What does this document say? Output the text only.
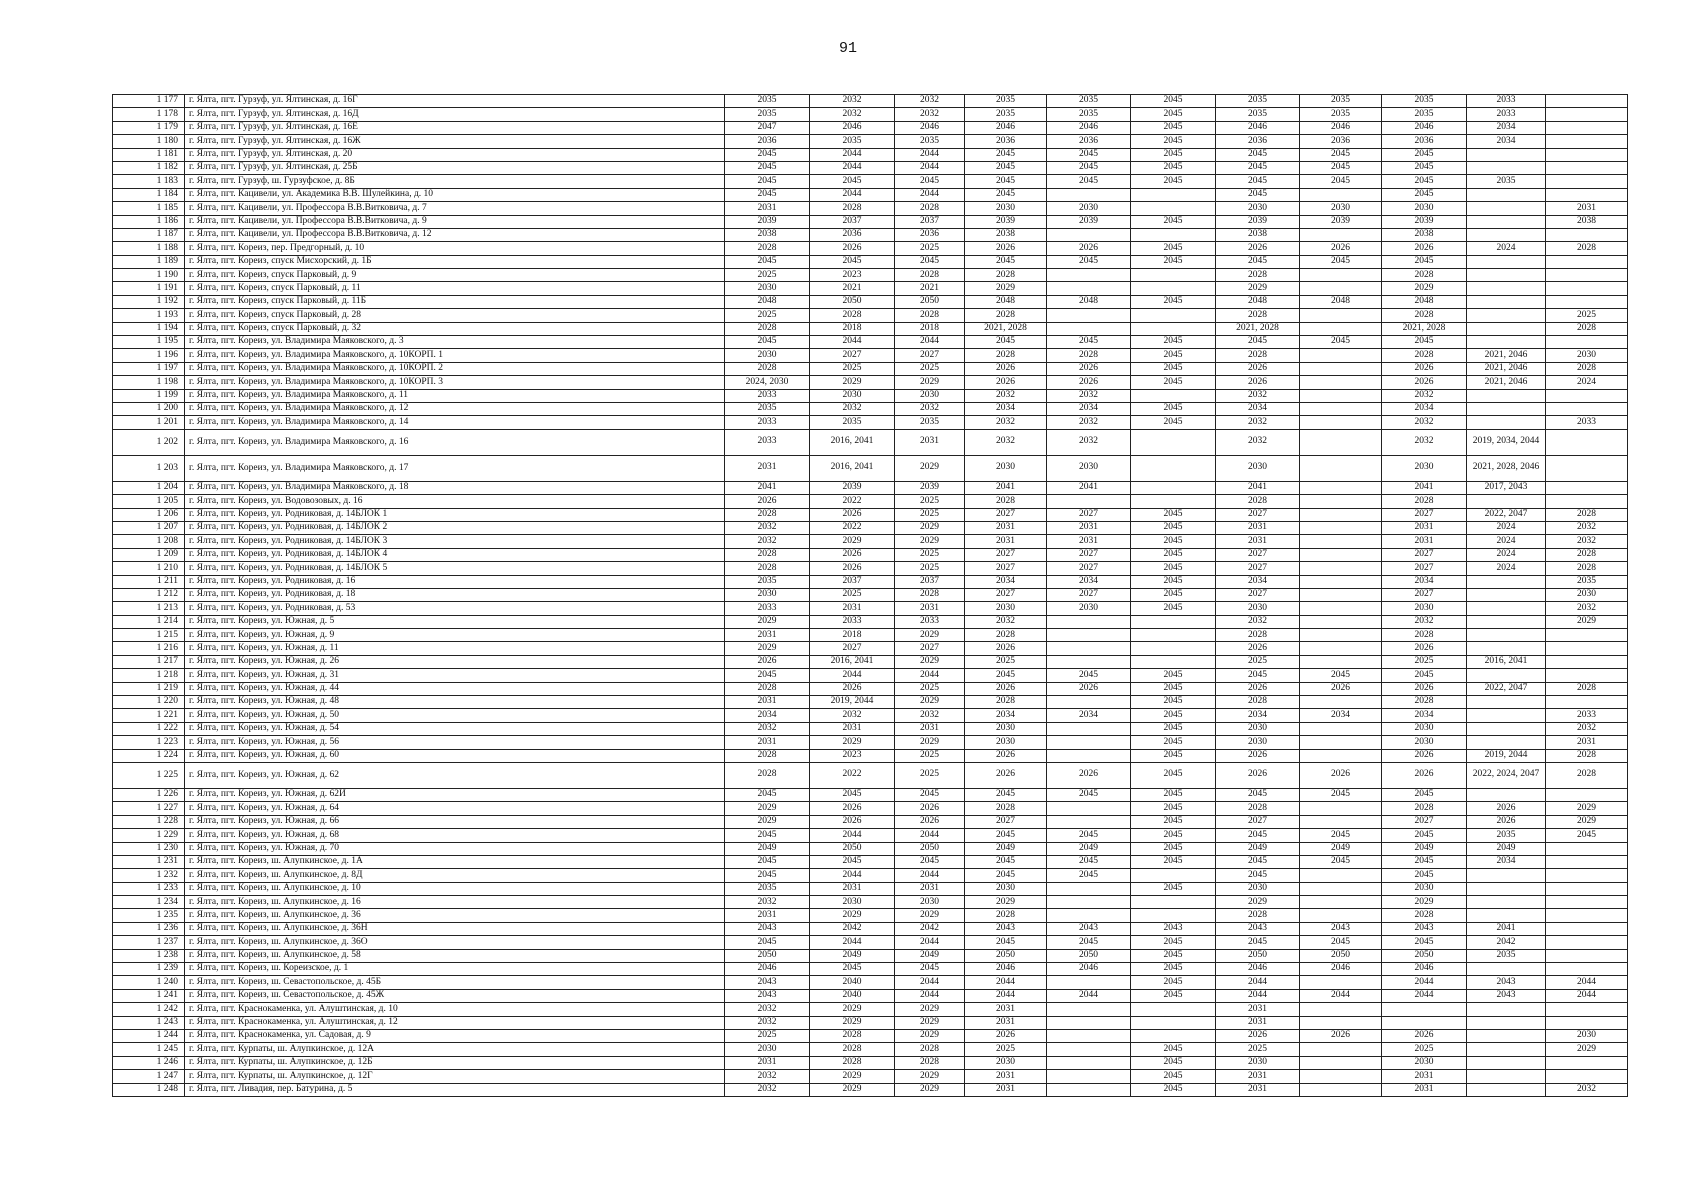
91
1 177	г. Ялта, пгт. Гурзуф, ул. Ялтинская, д. 16Г	2035	2032	2032	2035	2035	2045	2035	2035	2035	2033	
1 178	г. Ялта, пгт. Гурзуф, ул. Ялтинская, д. 16Д	2035	2032	2032	2035	2035	2045	2035	2035	2035	2033	
1 179	г. Ялта, пгт. Гурзуф, ул. Ялтинская, д. 16Е	2047	2046	2046	2046	2046	2045	2046	2046	2046	2034	
1 180	г. Ялта, пгт. Гурзуф, ул. Ялтинская, д. 16Ж	2036	2035	2035	2036	2036	2045	2036	2036	2036	2034	
1 181	г. Ялта, пгт. Гурзуф, ул. Ялтинская, д. 20	2045	2044	2044	2045	2045	2045	2045	2045	2045		
1 182	г. Ялта, пгт. Гурзуф, ул. Ялтинская, д. 25Б	2045	2044	2044	2045	2045	2045	2045	2045	2045		
1 183	г. Ялта, пгт. Гурзуф, ш. Гурзуфское, д. 8Б	2045	2045	2045	2045	2045	2045	2045	2045	2045	2035	
1 184	г. Ялта, пгт. Кацивели, ул. Академика В.В. Шулейкина, д. 10	2045	2044	2044	2045			2045		2045		
1 185	г. Ялта, пгт. Кацивели, ул. Профессора В.В.Витковича, д. 7	2031	2028	2028	2030	2030		2030	2030	2030		2031
1 186	г. Ялта, пгт. Кацивели, ул. Профессора В.В.Витковича, д. 9	2039	2037	2037	2039	2039	2045	2039	2039	2039		2038
1 187	г. Ялта, пгт. Кацивели, ул. Профессора В.В.Витковича, д. 12	2038	2036	2036	2038			2038		2038		
1 188	г. Ялта, пгт. Кореиз, пер. Предгорный, д. 10	2028	2026	2025	2026	2026	2045	2026	2026	2026	2024	2028
1 189	г. Ялта, пгт. Кореиз, спуск Мисхорский, д. 1Б	2045	2045	2045	2045	2045	2045	2045	2045	2045		
1 190	г. Ялта, пгт. Кореиз, спуск Парковый, д. 9	2025	2023	2028	2028			2028		2028		
1 191	г. Ялта, пгт. Кореиз, спуск Парковый, д. 11	2030	2021	2021	2029			2029		2029		
1 192	г. Ялта, пгт. Кореиз, спуск Парковый, д. 11Б	2048	2050	2050	2048	2048	2045	2048	2048	2048		
1 193	г. Ялта, пгт. Кореиз, спуск Парковый, д. 28	2025	2028	2028	2028			2028		2028		2025
1 194	г. Ялта, пгт. Кореиз, спуск Парковый, д. 32	2028	2018	2018	2021, 2028			2021, 2028		2021, 2028		2028
1 195	г. Ялта, пгт. Кореиз, ул. Владимира Маяковского, д. 3	2045	2044	2044	2045	2045	2045	2045	2045	2045		
1 196	г. Ялта, пгт. Кореиз, ул. Владимира Маяковского, д. 10КОРП. 1	2030	2027	2027	2028	2028	2045	2028		2028	2021, 2046	2030
1 197	г. Ялта, пгт. Кореиз, ул. Владимира Маяковского, д. 10КОРП. 2	2028	2025	2025	2026	2026	2045	2026		2026	2021, 2046	2028
1 198	г. Ялта, пгт. Кореиз, ул. Владимира Маяковского, д. 10КОРП. 3	2024, 2030	2029	2029	2026	2026	2045	2026		2026	2021, 2046	2024
1 199	г. Ялта, пгт. Кореиз, ул. Владимира Маяковского, д. 11	2033	2030	2030	2032	2032		2032		2032		
1 200	г. Ялта, пгт. Кореиз, ул. Владимира Маяковского, д. 12	2035	2032	2032	2034	2034	2045	2034		2034		
1 201	г. Ялта, пгт. Кореиз, ул. Владимира Маяковского, д. 14	2033	2035	2035	2032	2032	2045	2032		2032		2033
1 202	г. Ялта, пгт. Кореиз, ул. Владимира Маяковского, д. 16	2033	2016, 2041	2031	2032	2032		2032		2032	2019, 2034, 2044	
1 203	г. Ялта, пгт. Кореиз, ул. Владимира Маяковского, д. 17	2031	2016, 2041	2029	2030	2030		2030		2030	2021, 2028, 2046	
1 204	г. Ялта, пгт. Кореиз, ул. Владимира Маяковского, д. 18	2041	2039	2039	2041	2041		2041		2041	2017, 2043	
1 205	г. Ялта, пгт. Кореиз, ул. Водовозовых, д. 16	2026	2022	2025	2028			2028		2028		
1 206	г. Ялта, пгт. Кореиз, ул. Родниковая, д. 14БЛОК 1	2028	2026	2025	2027	2027	2045	2027		2027	2022, 2047	2028
1 207	г. Ялта, пгт. Кореиз, ул. Родниковая, д. 14БЛОК 2	2032	2022	2029	2031	2031	2045	2031		2031	2024	2032
1 208	г. Ялта, пгт. Кореиз, ул. Родниковая, д. 14БЛОК 3	2032	2029	2029	2031	2031	2045	2031		2031	2024	2032
1 209	г. Ялта, пгт. Кореиз, ул. Родниковая, д. 14БЛОК 4	2028	2026	2025	2027	2027	2045	2027		2027	2024	2028
1 210	г. Ялта, пгт. Кореиз, ул. Родниковая, д. 14БЛОК 5	2028	2026	2025	2027	2027	2045	2027		2027	2024	2028
1 211	г. Ялта, пгт. Кореиз, ул. Родниковая, д. 16	2035	2037	2037	2034	2034	2045	2034		2034		2035
1 212	г. Ялта, пгт. Кореиз, ул. Родниковая, д. 18	2030	2025	2028	2027	2027	2045	2027		2027		2030
1 213	г. Ялта, пгт. Кореиз, ул. Родниковая, д. 53	2033	2031	2031	2030	2030	2045	2030		2030		2032
1 214	г. Ялта, пгт. Кореиз, ул. Южная, д. 5	2029	2033	2033	2032			2032		2032		2029
1 215	г. Ялта, пгт. Кореиз, ул. Южная, д. 9	2031	2018	2029	2028			2028		2028		
1 216	г. Ялта, пгт. Кореиз, ул. Южная, д. 11	2029	2027	2027	2026			2026		2026		
1 217	г. Ялта, пгт. Кореиз, ул. Южная, д. 26	2026	2016, 2041	2029	2025			2025		2025	2016, 2041	
1 218	г. Ялта, пгт. Кореиз, ул. Южная, д. 31	2045	2044	2044	2045	2045	2045	2045	2045	2045		
1 219	г. Ялта, пгт. Кореиз, ул. Южная, д. 44	2028	2026	2025	2026	2026	2045	2026	2026	2026	2022, 2047	2028
1 220	г. Ялта, пгт. Кореиз, ул. Южная, д. 48	2031	2019, 2044	2029	2028		2045	2028		2028		
1 221	г. Ялта, пгт. Кореиз, ул. Южная, д. 50	2034	2032	2032	2034	2034	2045	2034	2034	2034		2033
1 222	г. Ялта, пгт. Кореиз, ул. Южная, д. 54	2032	2031	2031	2030		2045	2030		2030		2032
1 223	г. Ялта, пгт. Кореиз, ул. Южная, д. 56	2031	2029	2029	2030		2045	2030		2030		2031
1 224	г. Ялта, пгт. Кореиз, ул. Южная, д. 60	2028	2023	2025	2026		2045	2026		2026	2019, 2044	2028
1 225	г. Ялта, пгт. Кореиз, ул. Южная, д. 62	2028	2022	2025	2026	2026	2045	2026	2026	2026	2022, 2024, 2047	2028
1 226	г. Ялта, пгт. Кореиз, ул. Южная, д. 62И	2045	2045	2045	2045	2045	2045	2045	2045	2045		
1 227	г. Ялта, пгт. Кореиз, ул. Южная, д. 64	2029	2026	2026	2028		2045	2028		2028	2026	2029
1 228	г. Ялта, пгт. Кореиз, ул. Южная, д. 66	2029	2026	2026	2027		2045	2027		2027	2026	2029
1 229	г. Ялта, пгт. Кореиз, ул. Южная, д. 68	2045	2044	2044	2045	2045	2045	2045	2045	2045	2035	2045
1 230	г. Ялта, пгт. Кореиз, ул. Южная, д. 70	2049	2050	2050	2049	2049	2045	2049	2049	2049	2049	
1 231	г. Ялта, пгт. Кореиз, ш. Алупкинское, д. 1А	2045	2045	2045	2045	2045	2045	2045	2045	2045	2034	
1 232	г. Ялта, пгт. Кореиз, ш. Алупкинское, д. 8Д	2045	2044	2044	2045	2045		2045		2045		
1 233	г. Ялта, пгт. Кореиз, ш. Алупкинское, д. 10	2035	2031	2031	2030		2045	2030		2030		
1 234	г. Ялта, пгт. Кореиз, ш. Алупкинское, д. 16	2032	2030	2030	2029			2029		2029		
1 235	г. Ялта, пгт. Кореиз, ш. Алупкинское, д. 36	2031	2029	2029	2028			2028		2028		
1 236	г. Ялта, пгт. Кореиз, ш. Алупкинское, д. 36Н	2043	2042	2042	2043	2043	2043	2043	2043	2043	2041	
1 237	г. Ялта, пгт. Кореиз, ш. Алупкинское, д. 36О	2045	2044	2044	2045	2045	2045	2045	2045	2045	2042	
1 238	г. Ялта, пгт. Кореиз, ш. Алупкинское, д. 58	2050	2049	2049	2050	2050	2045	2050	2050	2050	2035	
1 239	г. Ялта, пгт. Кореиз, ш. Кореизское, д. 1	2046	2045	2045	2046	2046	2045	2046	2046	2046		
1 240	г. Ялта, пгт. Кореиз, ш. Севастопольское, д. 45Б	2043	2040	2044	2044		2045	2044		2044	2043	2044
1 241	г. Ялта, пгт. Кореиз, ш. Севастопольское, д. 45Ж	2043	2040	2044	2044	2044	2045	2044	2044	2044	2043	2044
1 242	г. Ялта, пгт. Краснокаменка, ул. Алуштинская, д. 10	2032	2029	2029	2031			2031				
1 243	г. Ялта, пгт. Краснокаменка, ул. Алуштинская, д. 12	2032	2029	2029	2031			2031				
1 244	г. Ялта, пгт. Краснокаменка, ул. Садовая, д. 9	2025	2028	2029	2026			2026	2026	2026		2030
1 245	г. Ялта, пгт. Курпаты, ш. Алупкинское, д. 12А	2030	2028	2028	2025		2045	2025		2025		2029
1 246	г. Ялта, пгт. Курпаты, ш. Алупкинское, д. 12Б	2031	2028	2028	2030		2045	2030		2030		
1 247	г. Ялта, пгт. Курпаты, ш. Алупкинское, д. 12Г	2032	2029	2029	2031		2045	2031		2031		
1 248	г. Ялта, пгт. Ливадия, пер. Батурина, д. 5	2032	2029	2029	2031		2045	2031		2031		2032
